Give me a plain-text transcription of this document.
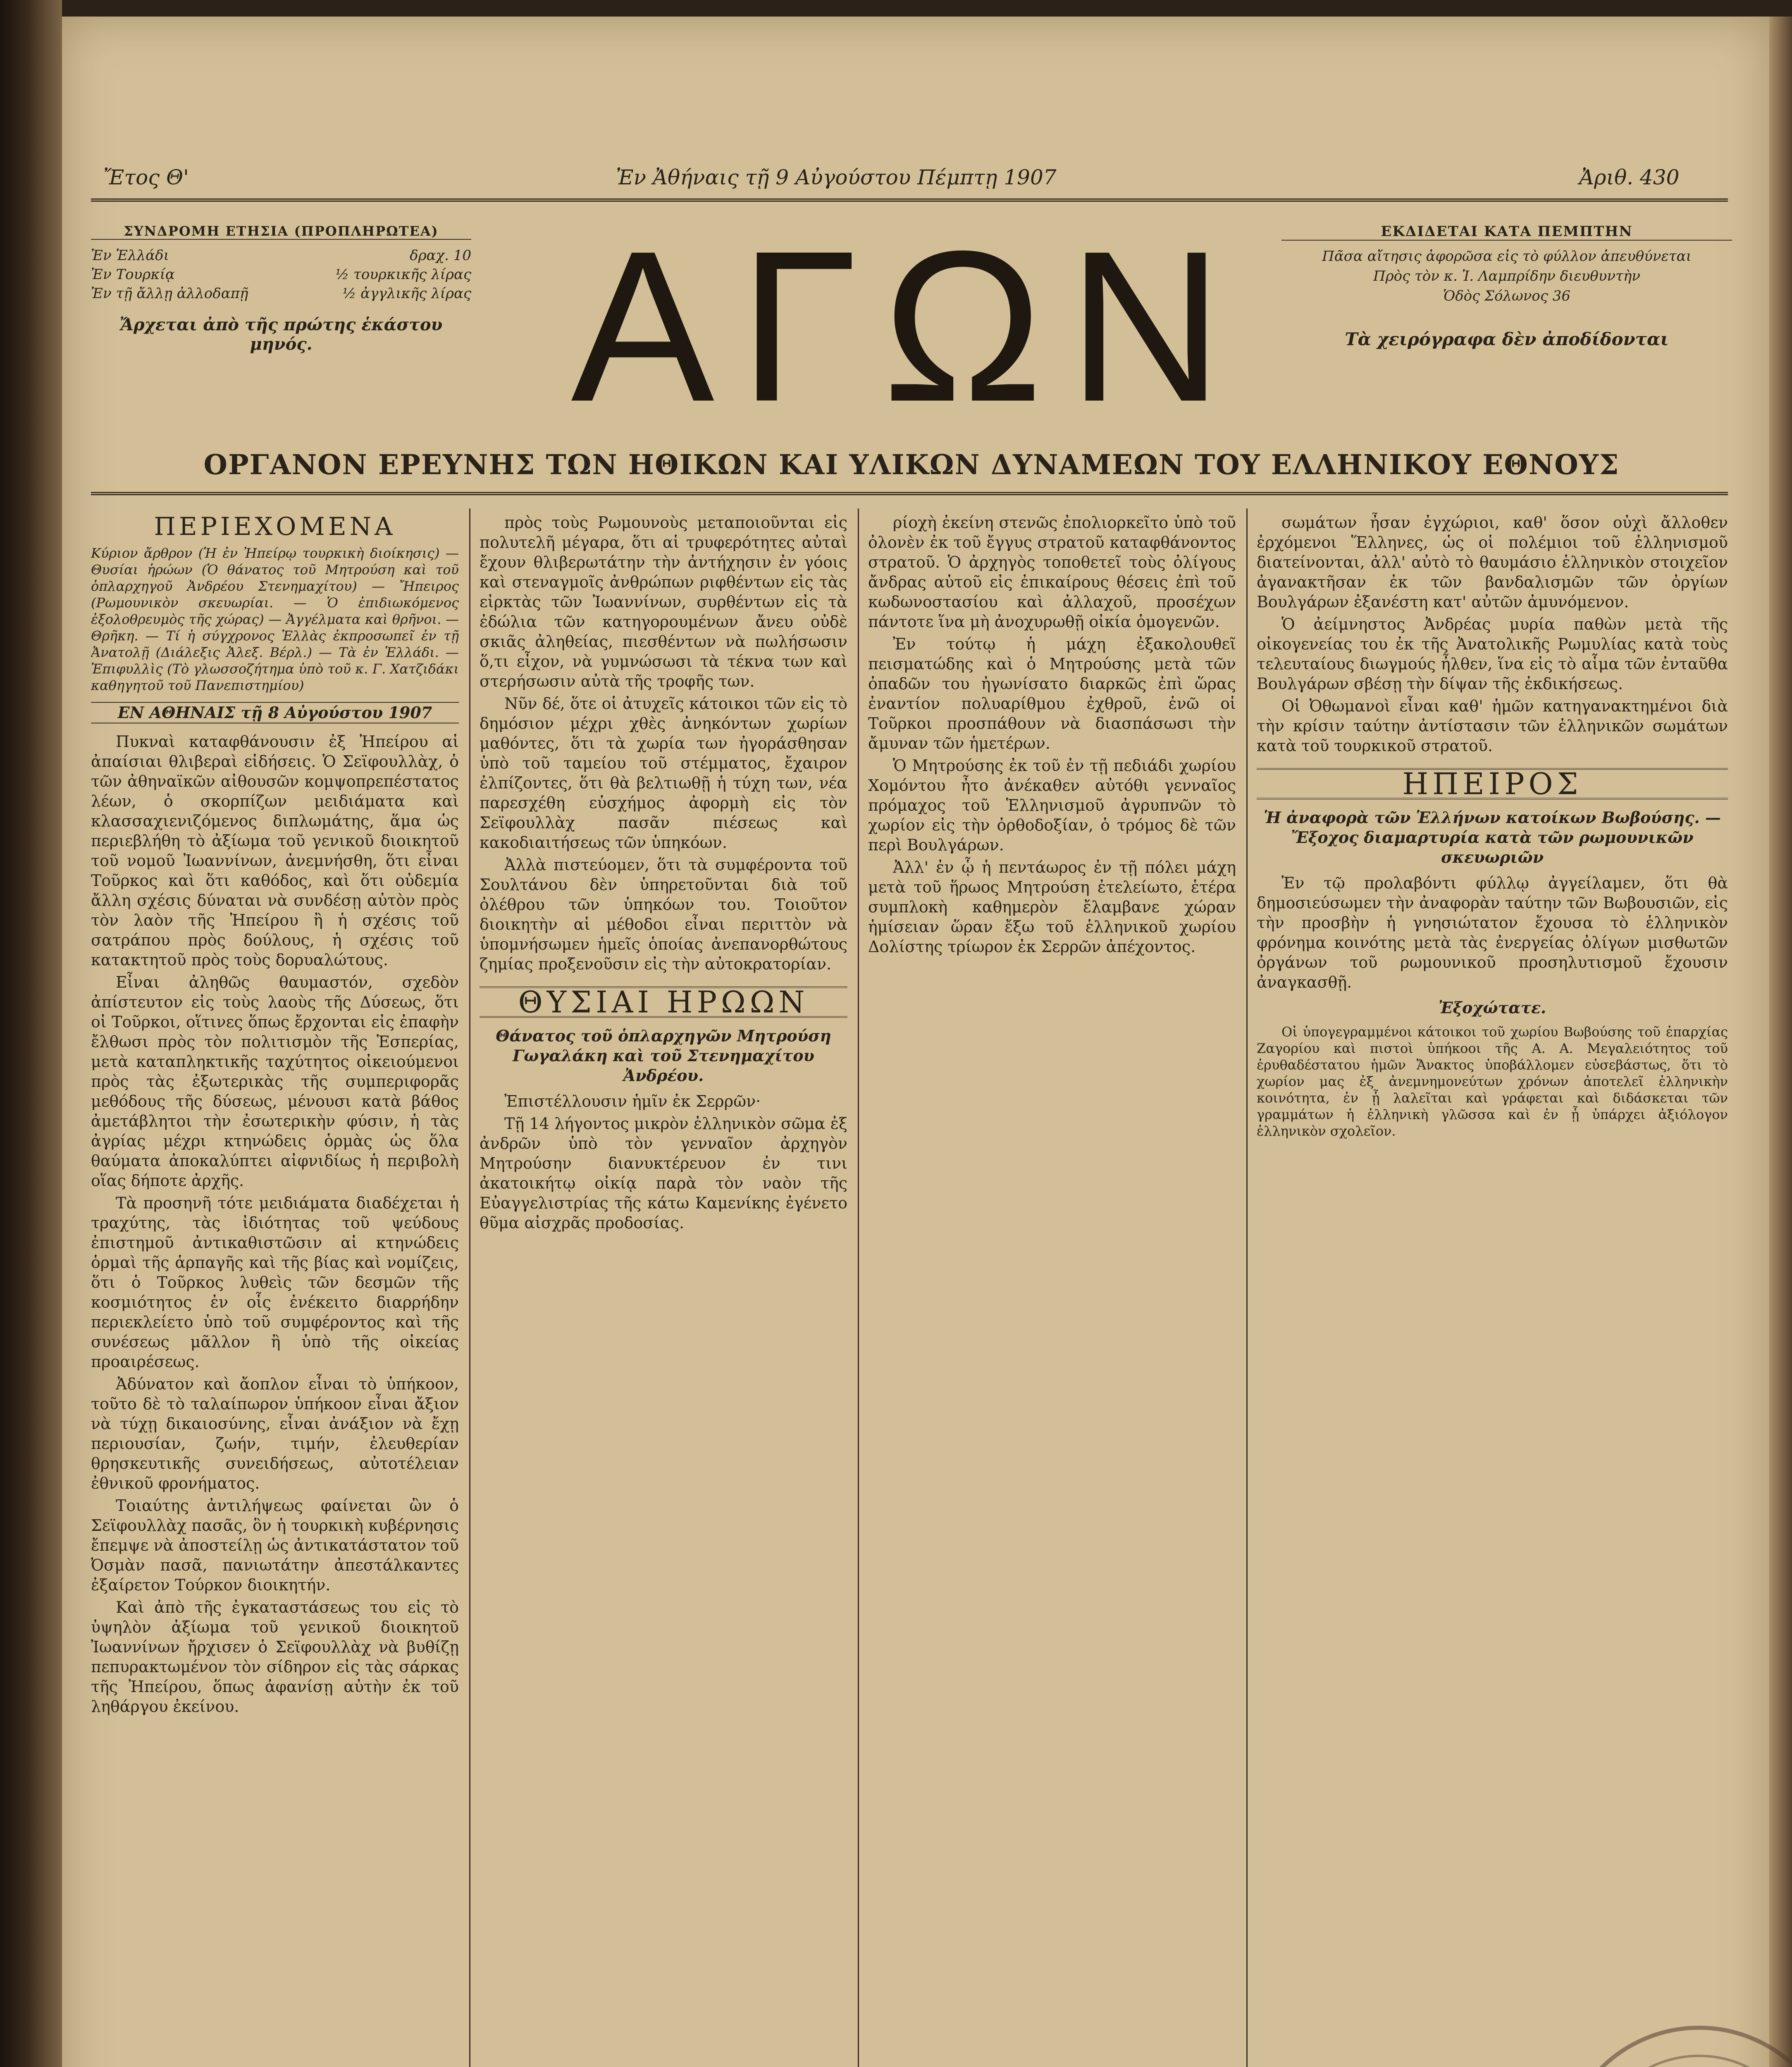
Ἔτος Θ'	Ἐν Ἀθήναις τῇ 9 Αὐγούστου Πέμπτῃ 1907	Ἀριθ. 430
ΣΥΝΔΡΟΜΗ ΕΤΗΣΙΑ (ΠΡΟΠΛΗΡΩΤΕΑ)
Ἐν Ἑλλάδι	δραχ. 10
Ἐν Τουρκίᾳ	½ τουρκικῆς λίρας
Ἐν τῇ ἄλλῃ ἀλλοδαπῇ	½ ἀγγλικῆς λίρας
Ἄρχεται ἀπὸ τῆς πρώτης ἑκάστου μηνός.	ΑΓΩΝ	ΕΚΔΙΔΕΤΑΙ ΚΑΤΑ ΠΕΜΠΤΗΝ
Πᾶσα αἴτησις ἀφορῶσα εἰς τὸ φύλλον ἀπευθύνεται
Πρὸς τὸν κ. Ἰ. Λαμπρίδην διευθυντὴν
Ὁδὸς Σόλωνος 36
Τὰ χειρόγραφα δὲν ἀποδίδονται
ΟΡΓΑΝΟΝ ΕΡΕΥΝΗΣ ΤΩΝ ΗΘΙΚΩΝ ΚΑΙ ΥΛΙΚΩΝ ΔΥΝΑΜΕΩΝ ΤΟΥ ΕΛΛΗΝΙΚΟΥ ΕΘΝΟΥΣ

ΠΕΡΙΕΧΟΜΕΝΑ

Κύριον ἄρθρον (Ἡ ἐν Ἠπείρῳ τουρκικὴ διοίκησις) — Θυσίαι ἡρώων (Ὁ θάνατος τοῦ Μητρούση καὶ τοῦ ὁπλαρχηγοῦ Ἀνδρέου Στενημαχίτου) — Ἤπειρος (Ρωμουνικὸν σκευωρίαι. — Ὁ ἐπιδιωκόμενος ἐξολοθρευμὸς τῆς χώρας) — Ἀγγέλματα καὶ θρῆνοι. — Θρῆκη. — Τί ἡ σύγχρονος Ἑλλὰς ἐκπροσωπεῖ ἐν τῇ Ἀνατολῇ (Διάλεξις Ἀλεξ. Βέρλ.) — Τὰ ἐν Ἑλλάδι. — Ἐπιφυλλὶς (Τὸ γλωσσοζήτημα ὑπὸ τοῦ κ. Γ. Χατζιδάκι καθηγητοῦ τοῦ Πανεπιστημίου)

ΕΝ ΑΘΗΝΑΙΣ τῇ 8 Αὐγούστου 1907

Πυκναὶ καταφθάνουσιν ἐξ Ἠπείρου αἱ ἀπαίσιαι θλιβεραὶ εἰδήσεις. Ὁ Σεϊφουλλὰχ, ὁ τῶν ἀθηναϊκῶν αἰθουσῶν κομψοπρεπέστατος λέων, ὁ σκορπίζων μειδιάματα καὶ κλασσαχιενιζόμενος διπλωμάτης, ἅμα ὡς περιεβλήθη τὸ ἀξίωμα τοῦ γενικοῦ διοικητοῦ τοῦ νομοῦ Ἰωαννίνων, ἀνεμνήσθη, ὅτι εἶναι Τοῦρκος καὶ ὅτι καθόδος, καὶ ὅτι οὐδεμία ἄλλη σχέσις δύναται νὰ συνδέσῃ αὐτὸν πρὸς τὸν λαὸν τῆς Ἠπείρου ἢ ἡ σχέσις τοῦ σατράπου πρὸς δούλους, ἡ σχέσις τοῦ κατακτητοῦ πρὸς τοὺς δορυαλώτους.

Εἶναι ἀληθῶς θαυμαστόν, σχεδὸν ἀπίστευτον εἰς τοὺς λαοὺς τῆς Δύσεως, ὅτι οἱ Τοῦρκοι, οἵτινες ὅπως ἔρχονται εἰς ἐπαφὴν ἔλθωσι πρὸς τὸν πολιτισμὸν τῆς Ἑσπερίας, μετὰ καταπληκτικῆς ταχύτητος οἰκειούμενοι πρὸς τὰς ἐξωτερικὰς τῆς συμπεριφορᾶς μεθόδους τῆς δύσεως, μένουσι κατὰ βάθος ἀμετάβλητοι τὴν ἐσωτερικὴν φύσιν, ἡ τὰς ἀγρίας μέχρι κτηνώδεις ὁρμὰς ὡς ὅλα θαύματα ἀποκαλύπτει αἰφνιδίως ἡ περιβολὴ οἵας δήποτε ἀρχῆς.

Τὰ προσηνῆ τότε μειδιάματα διαδέχεται ἡ τραχύτης, τὰς ἰδιότητας τοῦ ψεύδους ἐπιστημοῦ ἀντικαθιστῶσιν αἱ κτηνώδεις ὁρμαὶ τῆς ἁρπαγῆς καὶ τῆς βίας καὶ νομίζεις, ὅτι ὁ Τοῦρκος λυθεὶς τῶν δεσμῶν τῆς κοσμιότητος ἐν οἷς ἐνέκειτο διαρρήδην περιεκλείετο ὑπὸ τοῦ συμφέροντος καὶ τῆς συνέσεως μᾶλλον ἢ ὑπὸ τῆς οἰκείας προαιρέσεως.

Ἀδύνατον καὶ ἄοπλον εἶναι τὸ ὑπήκοον, τοῦτο δὲ τὸ ταλαίπωρον ὑπήκοον εἶναι ἄξιον νὰ τύχῃ δικαιοσύνης, εἶναι ἀνάξιον νὰ ἔχῃ περιουσίαν, ζωήν, τιμήν, ἐλευθερίαν θρησκευτικῆς συνειδήσεως, αὐτοτέλειαν ἐθνικοῦ φρονήματος.

Τοιαύτης ἀντιλήψεως φαίνεται ὢν ὁ Σεϊφουλλὰχ πασᾶς, ὃν ἡ τουρκικὴ κυβέρνησις ἔπεμψε νὰ ἀποστείλῃ ὡς ἀντικατάστατον τοῦ Ὀσμὰν πασᾶ, πανιωτάτην ἀπεστάλκαντες ἐξαίρετον Τούρκον διοικητήν.

Καὶ ἀπὸ τῆς ἐγκαταστάσεως του εἰς τὸ ὑψηλὸν ἀξίωμα τοῦ γενικοῦ διοικητοῦ Ἰωαννίνων ἤρχισεν ὁ Σεϊφουλλὰχ νὰ βυθίζῃ πεπυρακτωμένον τὸν σίδηρον εἰς τὰς σάρκας τῆς Ἠπείρου, ὅπως ἀφανίσῃ αὐτὴν ἐκ τοῦ ληθάργου ἐκείνου.

πρὸς τοὺς Ρωμουνοὺς μεταποιοῦνται εἰς πολυτελῆ μέγαρα, ὅτι αἱ τρυφερότητες αὐταὶ ἔχουν θλιβερωτάτην τὴν ἀντήχησιν ἐν γόοις καὶ στεναγμοῖς ἀνθρώπων ριφθέντων εἰς τὰς εἰρκτὰς τῶν Ἰωαννίνων, συρθέντων εἰς τὰ ἐδώλια τῶν κατηγορουμένων ἄνευ οὐδὲ σκιᾶς ἀληθείας, πιεσθέντων νὰ πωλήσωσιν ὅ,τι εἶχον, νὰ γυμνώσωσι τὰ τέκνα των καὶ στερήσωσιν αὐτὰ τῆς τροφῆς των.

Νῦν δέ, ὅτε οἱ ἀτυχεῖς κάτοικοι τῶν εἰς τὸ δημόσιον μέχρι χθὲς ἀνηκόντων χωρίων μαθόντες, ὅτι τὰ χωρία των ἠγοράσθησαν ὑπὸ τοῦ ταμείου τοῦ στέμματος, ἔχαιρον ἐλπίζοντες, ὅτι θὰ βελτιωθῇ ἡ τύχη των, νέα παρεσχέθη εὐσχήμος ἀφορμὴ εἰς τὸν Σεϊφουλλὰχ πασᾶν πιέσεως καὶ κακοδιαιτήσεως τῶν ὑπηκόων.

Ἀλλὰ πιστεύομεν, ὅτι τὰ συμφέροντα τοῦ Σουλτάνου δὲν ὑπηρετοῦνται διὰ τοῦ ὀλέθρου τῶν ὑπηκόων του. Τοιοῦτον διοικητὴν αἱ μέθοδοι εἶναι περιττὸν νὰ ὑπομνήσωμεν ἡμεῖς ὁποίας ἀνεπανορθώτους ζημίας προξενοῦσιν εἰς τὴν αὐτοκρατορίαν.

ΘΥΣΙΑΙ ΗΡΩΩΝ

Θάνατος τοῦ ὁπλαρχηγῶν Μητρούση Γωγαλάκη καὶ τοῦ Στενημαχίτου Ἀνδρέου.

Ἐπιστέλλουσιν ἡμῖν ἐκ Σερρῶν·

Τῇ 14 λήγοντος μικρὸν ἑλληνικὸν σῶμα ἐξ ἀνδρῶν ὑπὸ τὸν γενναῖον ἀρχηγὸν Μητρούσην διανυκτέρευον ἐν τινι ἀκατοικήτῳ οἰκίᾳ παρὰ τὸν ναὸν τῆς Εὐαγγελιστρίας τῆς κάτω Καμενίκης ἐγένετο θῦμα αἰσχρᾶς προδοσίας.

ρίοχὴ ἐκείνη στενῶς ἐπολιορκεῖτο ὑπὸ τοῦ ὀλονὲν ἐκ τοῦ ἔγγυς στρατοῦ καταφθάνοντος στρατοῦ. Ὁ ἀρχηγὸς τοποθετεῖ τοὺς ὀλίγους ἄνδρας αὐτοῦ εἰς ἐπικαίρους θέσεις ἐπὶ τοῦ κωδωνοστασίου καὶ ἀλλαχοῦ, προσέχων πάντοτε ἵνα μὴ ἀνοχυρωθῇ οἰκία ὁμογενῶν.

Ἐν τούτῳ ἡ μάχη ἐξακολουθεῖ πεισματώδης καὶ ὁ Μητρούσης μετὰ τῶν ὀπαδῶν του ἠγωνίσατο διαρκῶς ἐπὶ ὥρας ἐναντίον πολυαρίθμου ἐχθροῦ, ἐνῶ οἱ Τοῦρκοι προσπάθουν νὰ διασπάσωσι τὴν ἄμυναν τῶν ἡμετέρων.

Ὁ Μητρούσης ἐκ τοῦ ἐν τῇ πεδιάδι χωρίου Χομόντου ἦτο ἀνέκαθεν αὐτόθι γενναῖος πρόμαχος τοῦ Ἑλληνισμοῦ ἀγρυπνῶν τὸ χωρίον εἰς τὴν ὀρθοδοξίαν, ὁ τρόμος δὲ τῶν περὶ Βουλγάρων.

Ἀλλ' ἐν ᾧ ἡ πεντάωρος ἐν τῇ πόλει μάχη μετὰ τοῦ ἥρωος Μητρούση ἐτελείωτο, ἑτέρα συμπλοκὴ καθημερὸν ἔλαμβανε χώραν ἡμίσειαν ὥραν ἔξω τοῦ ἑλληνικοῦ χωρίου Δολίστης τρίωρον ἐκ Σερρῶν ἀπέχοντος.

σωμάτων ἦσαν ἐγχώριοι, καθ' ὅσον οὐχὶ ἄλλοθεν ἐρχόμενοι Ἕλληνες, ὡς οἱ πολέμιοι τοῦ ἑλληνισμοῦ διατείνονται, ἀλλ' αὐτὸ τὸ θαυμάσιο ἑλληνικὸν στοιχεῖον ἀγανακτῆσαν ἐκ τῶν βανδαλισμῶν τῶν ὀργίων Βουλγάρων ἐξανέστη κατ' αὐτῶν ἀμυνόμενον.

Ὁ ἀείμνηστος Ἀνδρέας μυρία παθὼν μετὰ τῆς οἰκογενείας του ἐκ τῆς Ἀνατολικῆς Ρωμυλίας κατὰ τοὺς τελευταίους διωγμούς ἦλθεν, ἵνα εἰς τὸ αἷμα τῶν ἐνταῦθα Βουλγάρων σβέσῃ τὴν δίψαν τῆς ἐκδικήσεως.

Οἱ Ὀθωμανοὶ εἶναι καθ' ἡμῶν κατηγανακτημένοι διὰ τὴν κρίσιν ταύτην ἀντίστασιν τῶν ἑλληνικῶν σωμάτων κατὰ τοῦ τουρκικοῦ στρατοῦ.

ΗΠΕΙΡΟΣ

Ἡ ἀναφορὰ τῶν Ἑλλήνων κατοίκων Βωβούσης. — Ἔξοχος διαμαρτυρία κατὰ τῶν ρωμουνικῶν σκευωριῶν

Ἐν τῷ προλαβόντι φύλλῳ ἀγγείλαμεν, ὅτι θὰ δημοσιεύσωμεν τὴν ἀναφορὰν ταύτην τῶν Βωβουσιῶν, εἰς τὴν προσβὴν ἡ γνησιώτατον ἔχουσα τὸ ἑλληνικὸν φρόνημα κοινότης μετὰ τὰς ἐνεργείας ὀλίγων μισθωτῶν ὀργάνων τοῦ ρωμουνικοῦ προσηλυτισμοῦ ἔχουσιν ἀναγκασθῇ.

Ἐξοχώτατε.

Οἱ ὑπογεγραμμένοι κάτοικοι τοῦ χωρίου Βωβούσης τοῦ ἐπαρχίας Ζαγορίου καὶ πιστοὶ ὑπήκοοι τῆς Α. Α. Μεγαλειότητος τοῦ ἐρυθαδέστατου ἡμῶν Ἄνακτος ὑποβάλλομεν εὐσεβάστως, ὅτι τὸ χωρίον μας ἐξ ἀνεμνημονεύτων χρόνων ἀποτελεῖ ἑλληνικὴν κοινότητα, ἐν ᾗ λαλεῖται καὶ γράφεται καὶ διδάσκεται τῶν γραμμάτων ἡ ἑλληνικὴ γλῶσσα καὶ ἐν ᾗ ὑπάρχει ἀξιόλογον ἑλληνικὸν σχολεῖον.
